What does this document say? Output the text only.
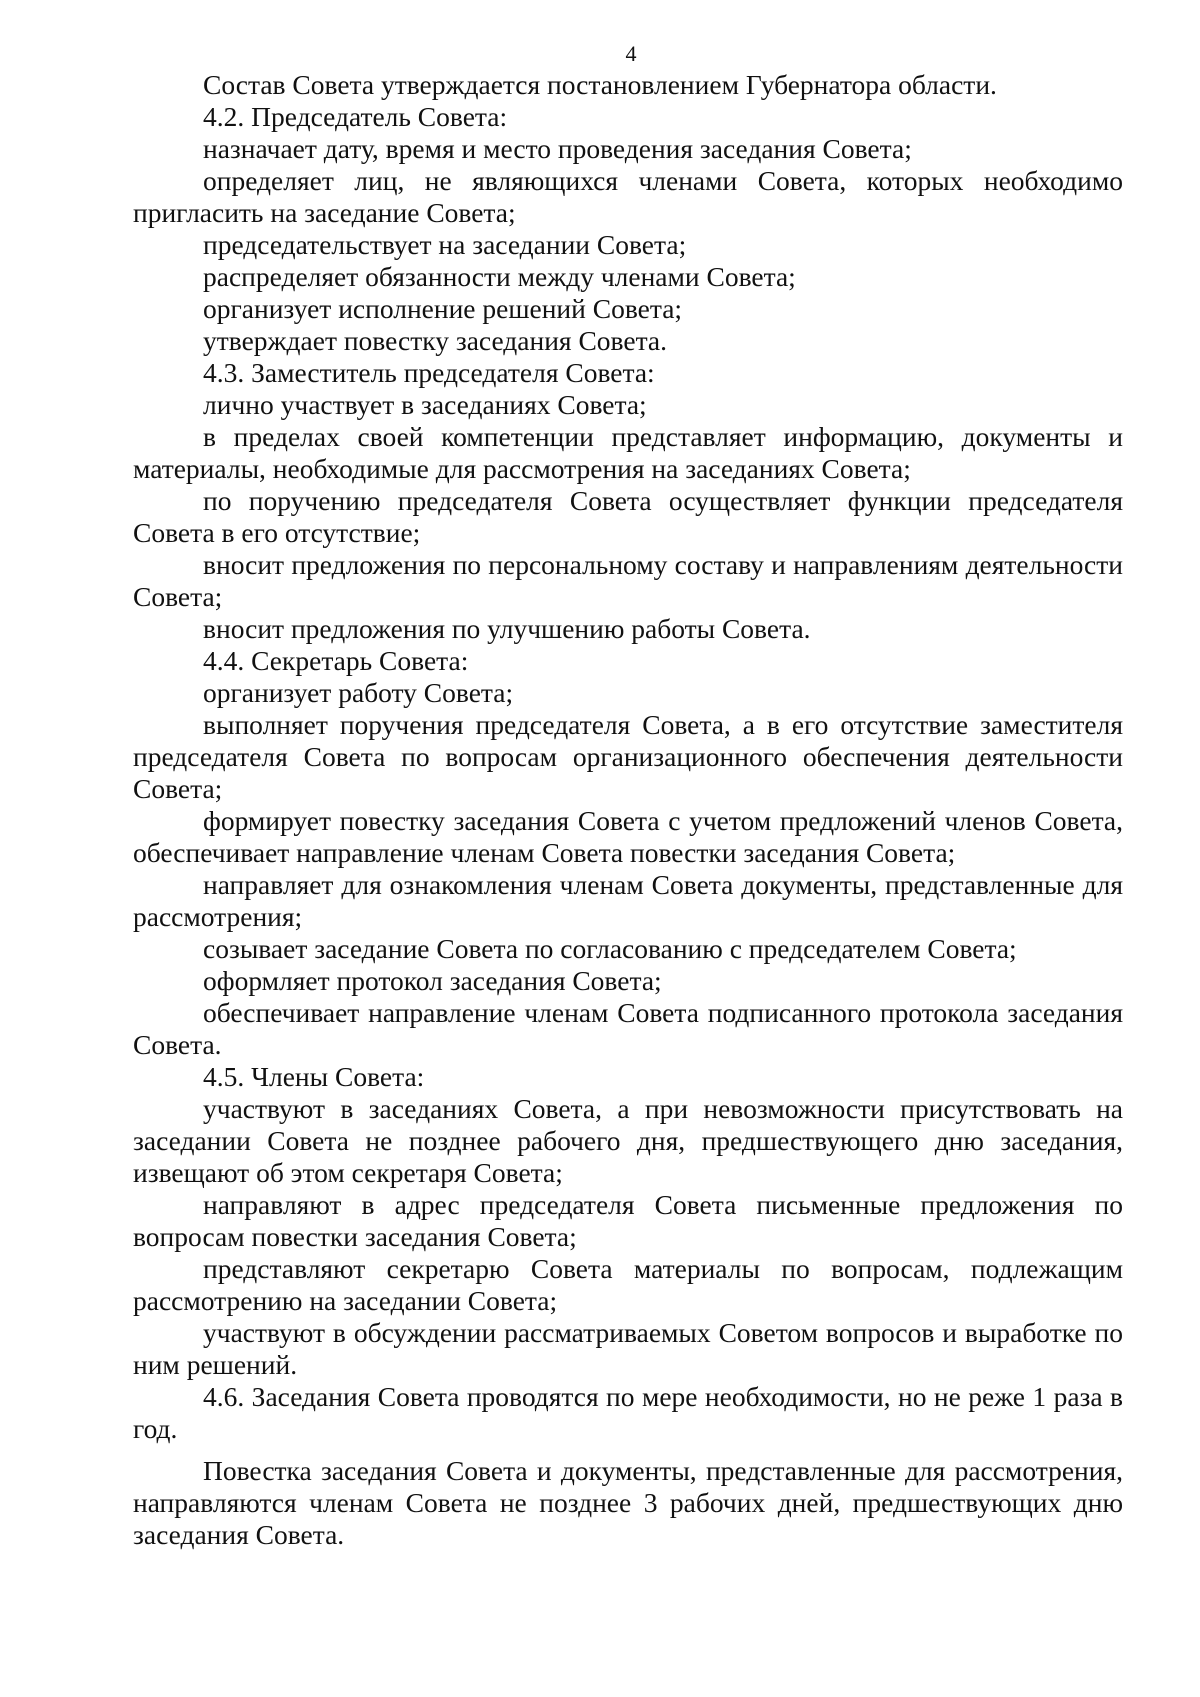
4

Состав Совета утверждается постановлением Губернатора области.

4.2. Председатель Совета:

назначает дату, время и место проведения заседания Совета;

определяет лиц, не являющихся членами Совета, которых необходимо пригласить на заседание Совета;

председательствует на заседании Совета;

распределяет обязанности между членами Совета;

организует исполнение решений Совета;

утверждает повестку заседания Совета.

4.3. Заместитель председателя Совета:

лично участвует в заседаниях Совета;

в пределах своей компетенции представляет информацию, документы и материалы, необходимые для рассмотрения на заседаниях Совета;

по поручению председателя Совета осуществляет функции председателя Совета в его отсутствие;

вносит предложения по персональному составу и направлениям деятельности Совета;

вносит предложения по улучшению работы Совета.

4.4. Секретарь Совета:

организует работу Совета;

выполняет поручения председателя Совета, а в его отсутствие заместителя председателя Совета по вопросам организационного обеспечения деятельности Совета;

формирует повестку заседания Совета с учетом предложений членов Совета, обеспечивает направление членам Совета повестки заседания Совета;

направляет для ознакомления членам Совета документы, представленные для рассмотрения;

созывает заседание Совета по согласованию с председателем Совета;

оформляет протокол заседания Совета;

обеспечивает направление членам Совета подписанного протокола заседания Совета.

4.5. Члены Совета:

участвуют в заседаниях Совета, а при невозможности присутствовать на заседании Совета не позднее рабочего дня, предшествующего дню заседания, извещают об этом секретаря Совета;

направляют в адрес председателя Совета письменные предложения по вопросам повестки заседания Совета;

представляют секретарю Совета материалы по вопросам, подлежащим рассмотрению на заседании Совета;

участвуют в обсуждении рассматриваемых Советом вопросов и выработке по ним решений.

4.6. Заседания Совета проводятся по мере необходимости, но не реже 1 раза в год.

Повестка заседания Совета и документы, представленные для рассмотрения, направляются членам Совета не позднее 3 рабочих дней, предшествующих дню заседания Совета.
